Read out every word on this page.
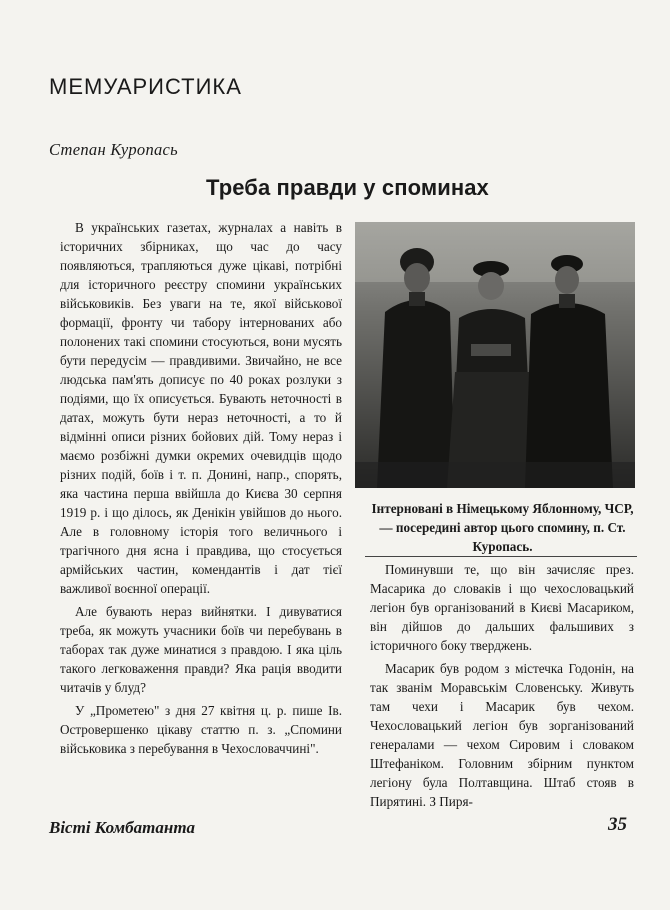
МЕМУАРИСТИКА
Степан Куропась
Треба правди у споминах

В українських газетах, журналах а навіть в історичних збірниках, що час до часу появляються, трапляються дуже цікаві, потрібні для історичного реєстру спомини українських військовиків. Без уваги на те, якої військової формації, фронту чи табору інтернованих або полонених такі спомини стосуються, вони мусять бути передусім — правдивими. Звичайно, не все людська пам'ять дописує по 40 роках розлуки з подіями, що їх описується. Бувають неточності в датах, можуть бути нераз неточності, а то й відмінні описи різних бойових дій. Тому нераз і маємо розбіжні думки окремих очевидців щодо різних подій, боїв і т. п. Донині, напр., спорять, яка частина перша ввійшла до Києва 30 серпня 1919 р. і що ділось, як Денікін увійшов до нього. Але в головному історія того величнього і трагічного дня ясна і правдива, що стосується армійських частин, комендантів і дат тієї важливої воєнної операції.

Але бувають нераз вийнятки. І дивуватися треба, як можуть учасники боїв чи перебувань в таборах так дуже минатися з правдою. І яка ціль такого легковаження правди? Яка рація вводити читачів у блуд?

У „Прометею" з дня 27 квітня ц. р. пише Ів. Островершенко цікаву статтю п. з. „Спомини військовика з перебування в Чехословаччині".

Інтерновані в Німецькому Яблонному, ЧСР, — посередині автор цього спомину, п. Ст. Куропась.

Поминувши те, що він зачисляє през. Масарика до словаків і що чехословацький легіон був організований в Києві Масариком, він дійшов до дальших фальшивих з історичного боку тверджень.

Масарик був родом з містечка Годонін, на так званім Моравськім Словенську. Живуть там чехи і Масарик був чехом. Чехословацький легіон був зорганізований генералами — чехом Сировим і словаком Штефаніком. Головним збірним пунктом легіону була Полтавщина. Штаб стояв в Пирятині. З Пиря-

Вісті Комбатанта	35
